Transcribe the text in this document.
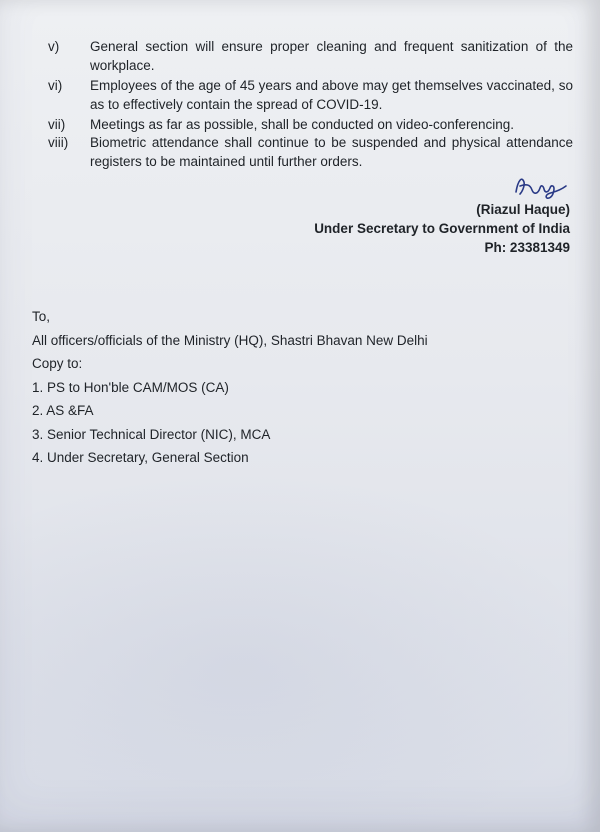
v)	General section will ensure proper cleaning and frequent sanitization of the workplace.
vi)	Employees of the age of 45 years and above may get themselves vaccinated, so as to effectively contain the spread of COVID-19.
vii)	Meetings as far as possible, shall be conducted on video-conferencing.
viii)	Biometric attendance shall continue to be suspended and physical attendance registers to be maintained until further orders.
(Riazul Haque)
Under Secretary to Government of India
Ph: 23381349
To,
All officers/officials of the Ministry (HQ), Shastri Bhavan New Delhi
Copy to:
1. PS to Hon'ble CAM/MOS (CA)
2. AS &FA
3. Senior Technical Director (NIC), MCA
4. Under Secretary, General Section
